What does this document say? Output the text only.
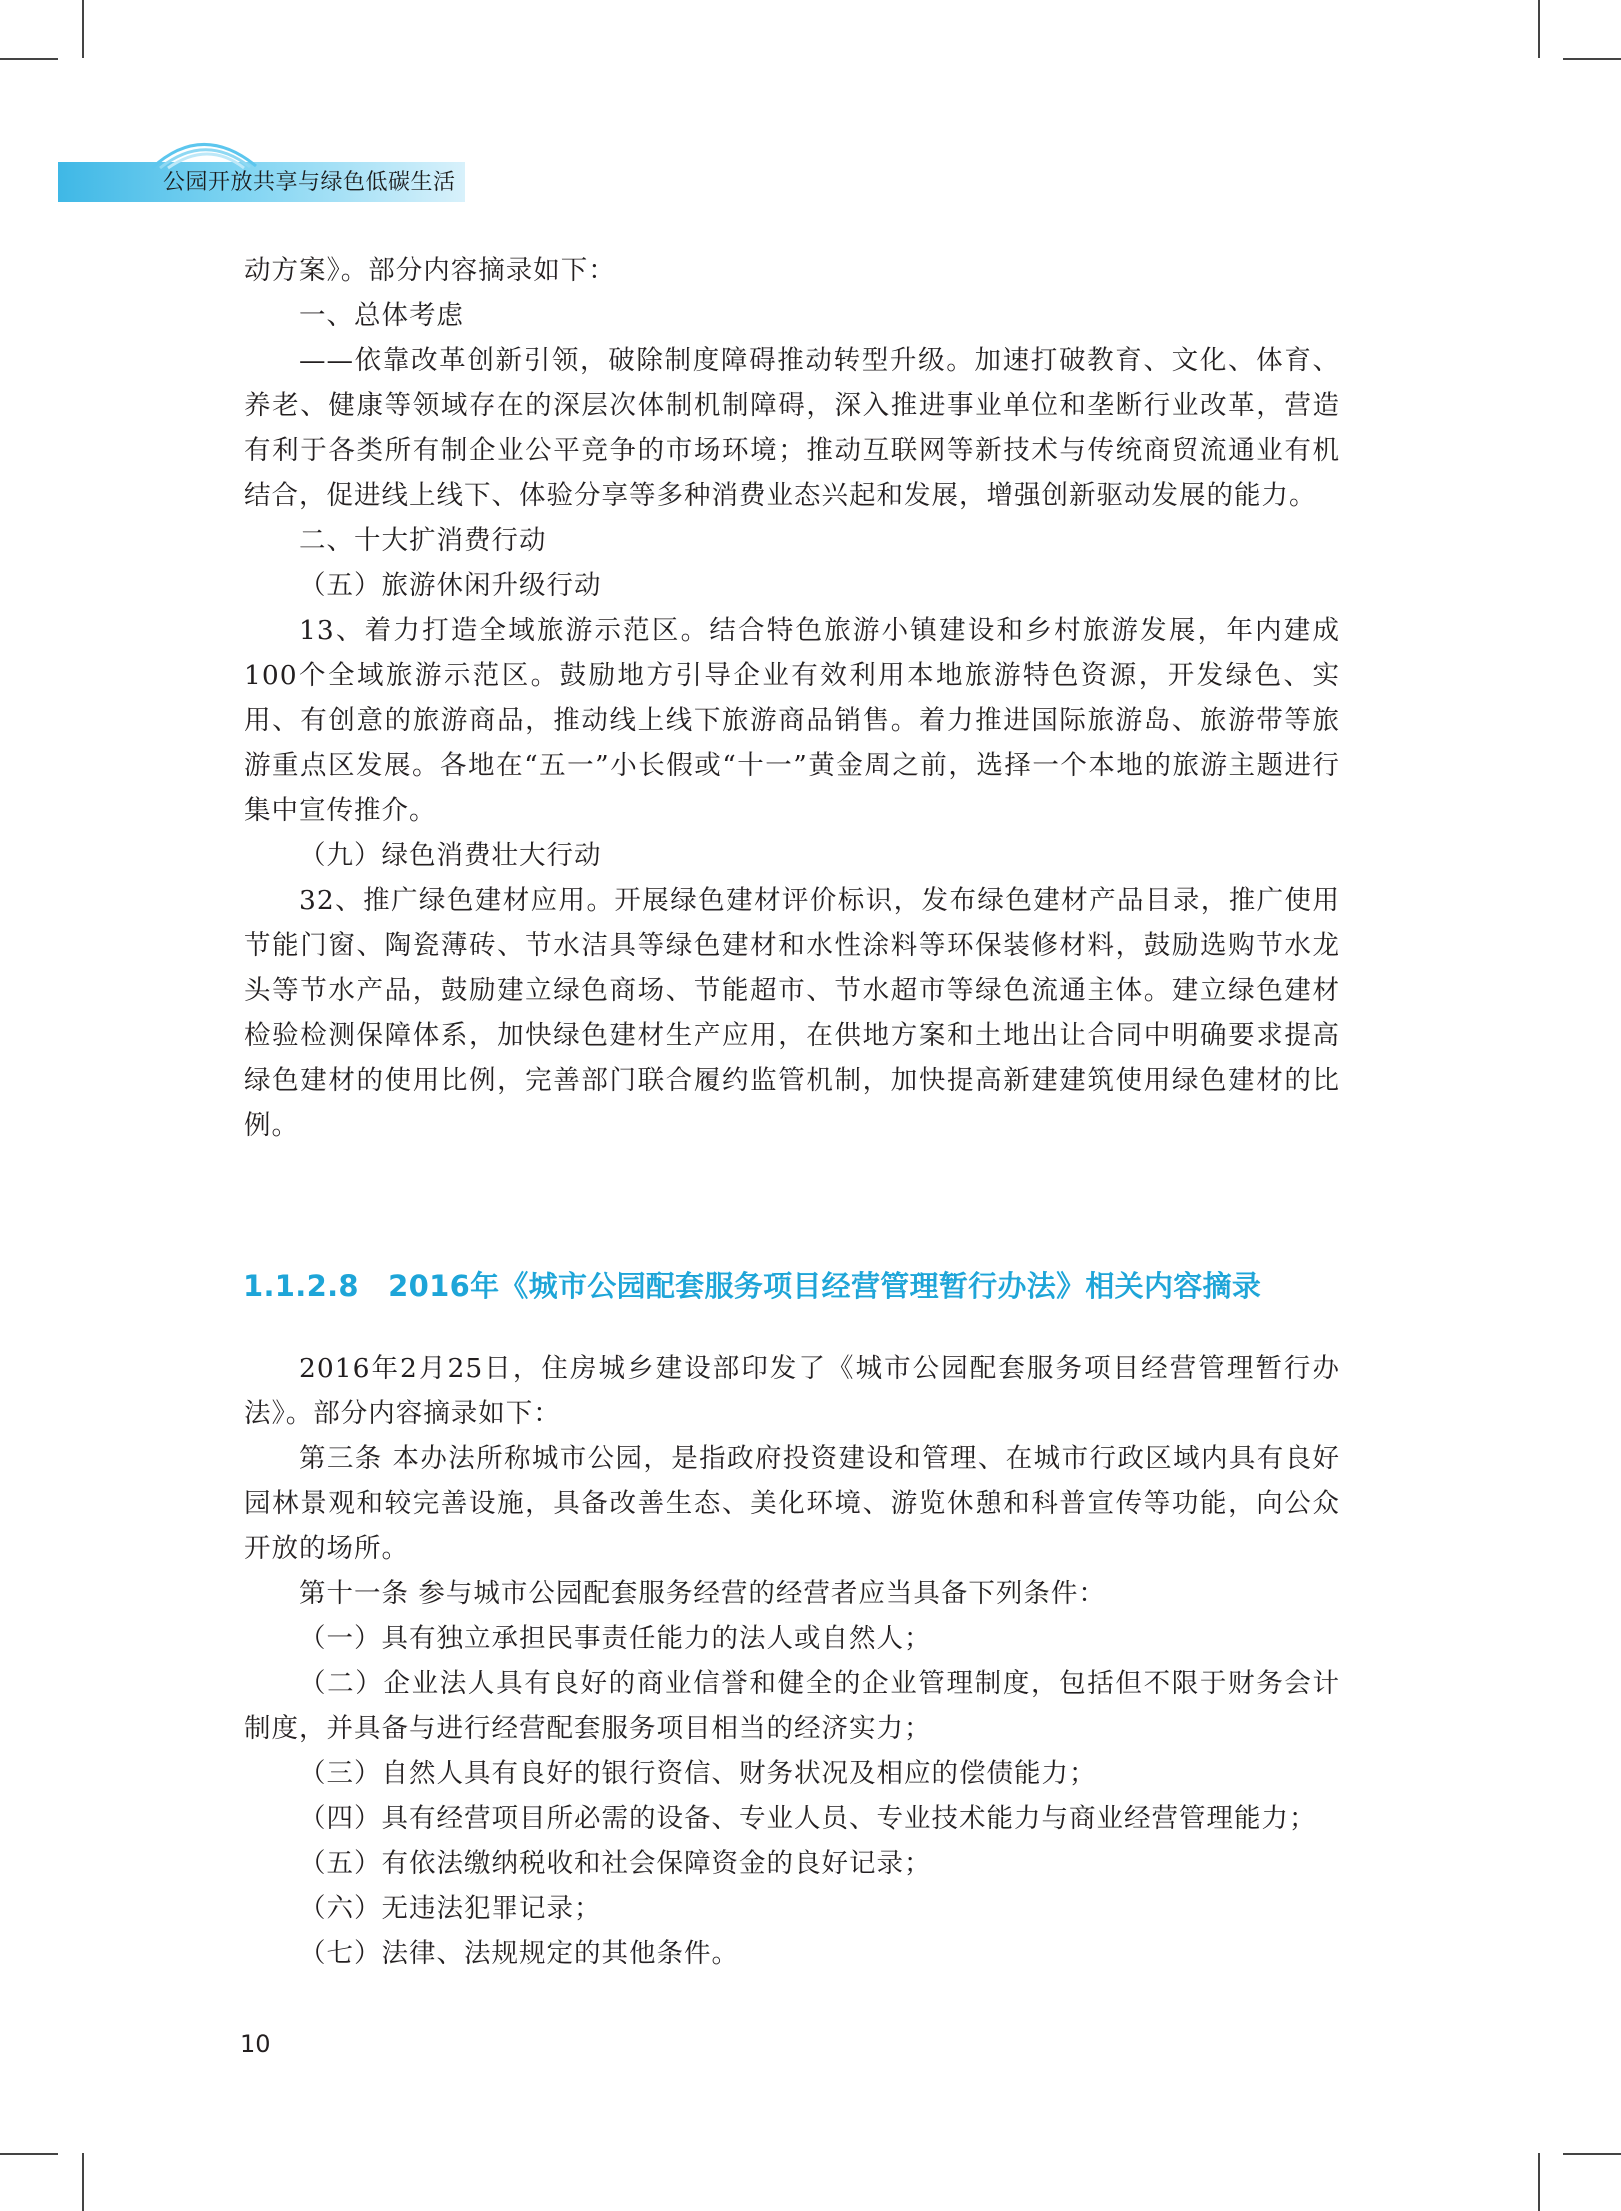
公园开放共享与绿色低碳生活

动方案》。部分内容摘录如下：

一、总体考虑

——依靠改革创新引领，破除制度障碍推动转型升级。加速打破教育、文化、体育、养老、健康等领域存在的深层次体制机制障碍，深入推进事业单位和垄断行业改革，营造有利于各类所有制企业公平竞争的市场环境；推动互联网等新技术与传统商贸流通业有机结合，促进线上线下、体验分享等多种消费业态兴起和发展，增强创新驱动发展的能力。

二、十大扩消费行动

（五）旅游休闲升级行动

13、着力打造全域旅游示范区。结合特色旅游小镇建设和乡村旅游发展，年内建成100个全域旅游示范区。鼓励地方引导企业有效利用本地旅游特色资源，开发绿色、实用、有创意的旅游商品，推动线上线下旅游商品销售。着力推进国际旅游岛、旅游带等旅游重点区发展。各地在“五一”小长假或“十一”黄金周之前，选择一个本地的旅游主题进行集中宣传推介。

（九）绿色消费壮大行动

32、推广绿色建材应用。开展绿色建材评价标识，发布绿色建材产品目录，推广使用节能门窗、陶瓷薄砖、节水洁具等绿色建材和水性涂料等环保装修材料，鼓励选购节水龙头等节水产品，鼓励建立绿色商场、节能超市、节水超市等绿色流通主体。建立绿色建材检验检测保障体系，加快绿色建材生产应用，在供地方案和土地出让合同中明确要求提高绿色建材的使用比例，完善部门联合履约监管机制，加快提高新建建筑使用绿色建材的比例。

1.1.2.8　2016年《城市公园配套服务项目经营管理暂行办法》相关内容摘录

2016年2月25日，住房城乡建设部印发了《城市公园配套服务项目经营管理暂行办法》。部分内容摘录如下：

第三条 本办法所称城市公园，是指政府投资建设和管理、在城市行政区域内具有良好园林景观和较完善设施，具备改善生态、美化环境、游览休憩和科普宣传等功能，向公众开放的场所。

第十一条 参与城市公园配套服务经营的经营者应当具备下列条件：

（一）具有独立承担民事责任能力的法人或自然人；

（二）企业法人具有良好的商业信誉和健全的企业管理制度，包括但不限于财务会计制度，并具备与进行经营配套服务项目相当的经济实力；

（三）自然人具有良好的银行资信、财务状况及相应的偿债能力；

（四）具有经营项目所必需的设备、专业人员、专业技术能力与商业经营管理能力；

（五）有依法缴纳税收和社会保障资金的良好记录；

（六）无违法犯罪记录；

（七）法律、法规规定的其他条件。

10
